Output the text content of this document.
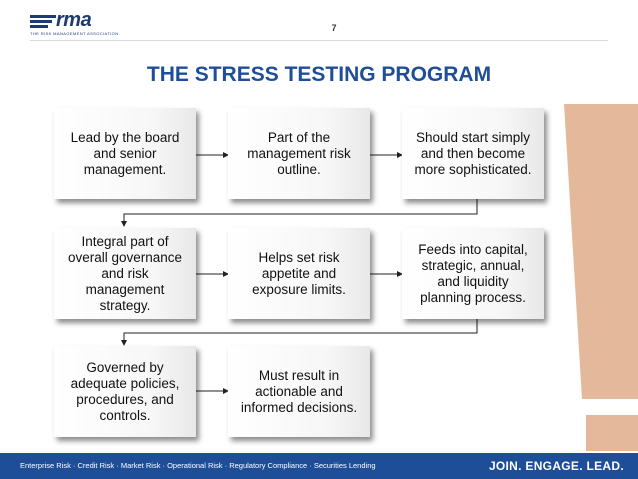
rma
THE RISK MANAGEMENT ASSOCIATION
7
THE STRESS TESTING PROGRAM
Lead by the board and senior management.
Part of the management risk outline.
Should start simply and then become more sophisticated.
Integral part of overall governance and risk management strategy.
Helps set risk appetite and exposure limits.
Feeds into capital, strategic, annual, and liquidity planning process.
Governed by adequate policies, procedures, and controls.
Must result in actionable and informed decisions.
Enterprise Risk · Credit Risk · Market Risk · Operational Risk · Regulatory Compliance · Securities Lending	JOIN. ENGAGE. LEAD.
